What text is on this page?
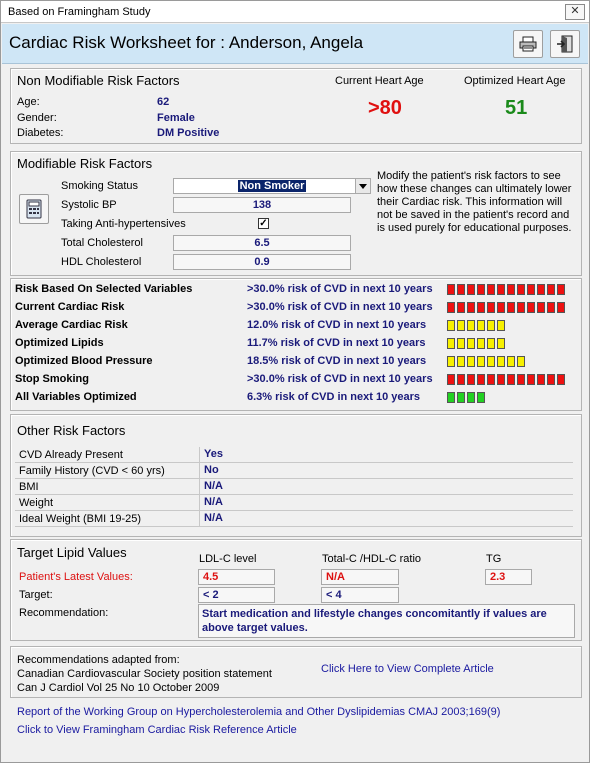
Based on Framingham Study	✕
Cardiac Risk Worksheet for : Anderson, Angela
Non Modifiable Risk Factors
Age:	62
Gender:	Female
Diabetes:	DM Positive
Current Heart Age
>80
Optimized Heart Age
51
Modifiable Risk Factors
Smoking Status	Non Smoker
Systolic BP	138
Taking Anti-hypertensives	✓
Total Cholesterol	6.5
HDL Cholesterol	0.9
Modify the patient's risk factors to see how these changes can ultimately lower their Cardiac risk. This information will not be saved in the patient's record and is used purely for educational purposes.
Risk Based On Selected Variables	>30.0% risk of CVD in next 10 years
Current Cardiac Risk	>30.0% risk of CVD in next 10 years
Average Cardiac Risk	12.0% risk of CVD in next 10 years
Optimized Lipids	11.7% risk of CVD in next 10 years
Optimized Blood Pressure	18.5% risk of CVD in next 10 years
Stop Smoking	>30.0% risk of CVD in next 10 years
All Variables Optimized	6.3% risk of CVD in next 10 years
Other Risk Factors
CVD Already Present	Yes
Family History (CVD < 60 yrs)	No
BMI	N/A
Weight	N/A
Ideal Weight (BMI 19-25)	N/A
Target Lipid Values	LDL-C level	Total-C /HDL-C ratio	TG
Patient's Latest Values:	4.5	N/A	2.3
Target:	< 2	< 4
Recommendation:	Start medication and lifestyle changes concomitantly if values are above target values.
Recommendations adapted from:
Canadian Cardiovascular Society position statement
Can J Cardiol Vol 25 No 10 October 2009
Click Here to View Complete Article
Report of the Working Group on Hypercholesterolemia and Other Dyslipidemias CMAJ 2003;169(9)
Click to View Framingham Cardiac Risk Reference Article
